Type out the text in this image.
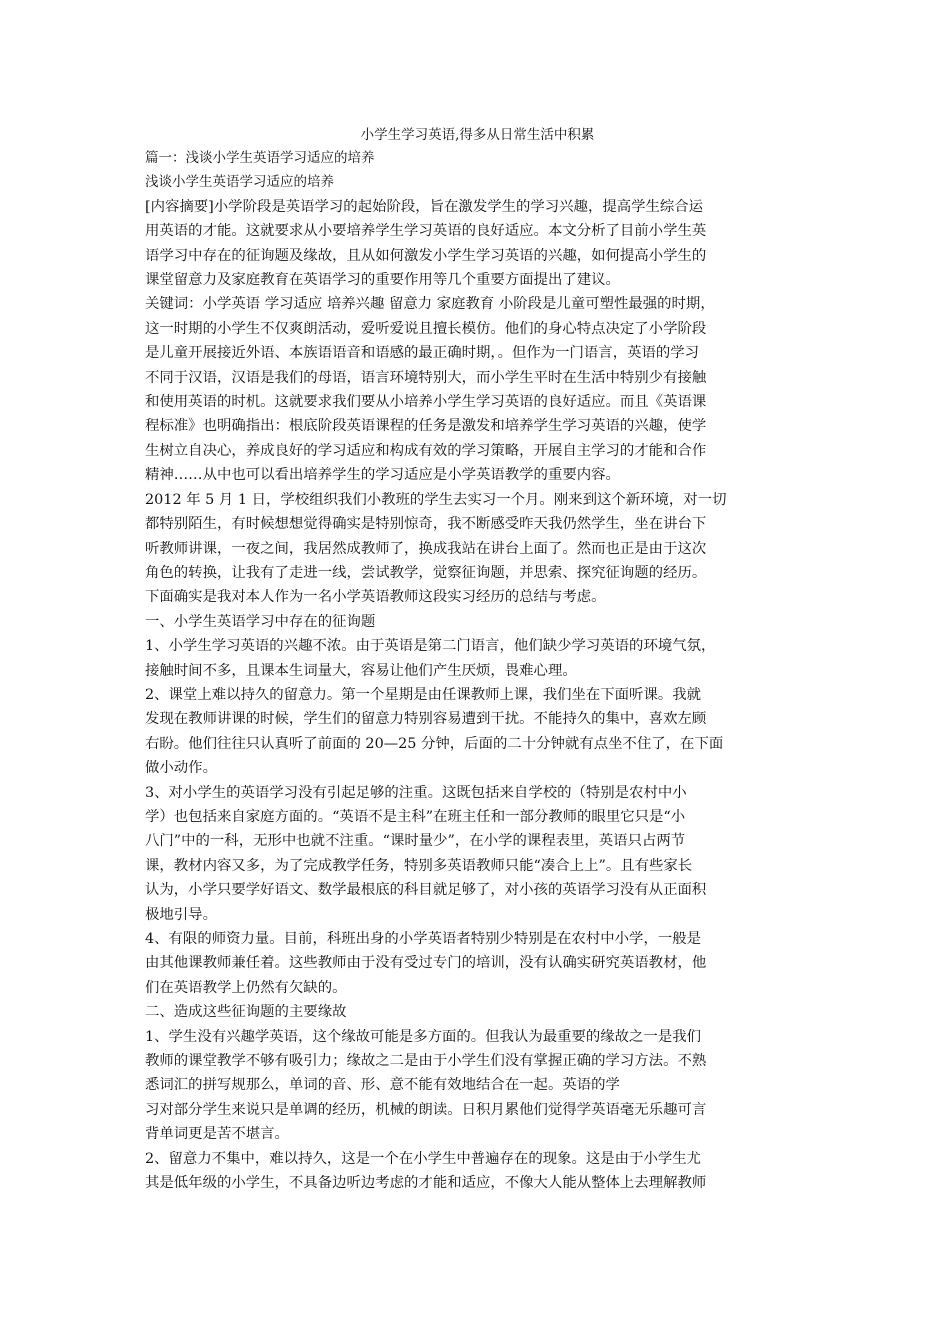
小学生学习英语,得多从日常生活中积累

篇一：浅谈小学生英语学习适应的培养

浅谈小学生英语学习适应的培养

[内容摘要]小学阶段是英语学习的起始阶段，旨在激发学生的学习兴趣，提高学生综合运

用英语的才能。这就要求从小要培养学生学习英语的良好适应。本文分析了目前小学生英

语学习中存在的征询题及缘故，且从如何激发小学生学习英语的兴趣，如何提高小学生的

课堂留意力及家庭教育在英语学习的重要作用等几个重要方面提出了建议。

关键词：小学英语 学习适应 培养兴趣 留意力 家庭教育 小阶段是儿童可塑性最强的时期，

这一时期的小学生不仅爽朗活动，爱听爱说且擅长模仿。他们的身心特点决定了小学阶段

是儿童开展接近外语、本族语语音和语感的最正确时期，。但作为一门语言，英语的学习

不同于汉语，汉语是我们的母语，语言环境特别大，而小学生平时在生活中特别少有接触

和使用英语的时机。这就要求我们要从小培养小学生学习英语的良好适应。而且《英语课

程标准》也明确指出：根底阶段英语课程的任务是激发和培养学生学习英语的兴趣，使学

生树立自决心，养成良好的学习适应和构成有效的学习策略，开展自主学习的才能和合作

精神……从中也可以看出培养学生的学习适应是小学英语教学的重要内容。

2012 年 5 月 1 日，学校组织我们小教班的学生去实习一个月。刚来到这个新环境，对一切

都特别陌生，有时候想想觉得确实是特别惊奇，我不断感受昨天我仍然学生，坐在讲台下

听教师讲课，一夜之间，我居然成教师了，换成我站在讲台上面了。然而也正是由于这次

角色的转换，让我有了走进一线，尝试教学，觉察征询题，并思索、探究征询题的经历。

下面确实是我对本人作为一名小学英语教师这段实习经历的总结与考虑。

一、小学生英语学习中存在的征询题

1、小学生学习英语的兴趣不浓。由于英语是第二门语言，他们缺少学习英语的环境气氛，

接触时间不多，且课本生词量大，容易让他们产生厌烦，畏难心理。

2、课堂上难以持久的留意力。第一个星期是由任课教师上课，我们坐在下面听课。我就

发现在教师讲课的时候，学生们的留意力特别容易遭到干扰。不能持久的集中，喜欢左顾

右盼。他们往往只认真听了前面的 20—25 分钟，后面的二十分钟就有点坐不住了，在下面

做小动作。

3、对小学生的英语学习没有引起足够的注重。这既包括来自学校的（特别是农村中小

学）也包括来自家庭方面的。“英语不是主科”在班主任和一部分教师的眼里它只是“小

八门”中的一科，无形中也就不注重。“课时量少”，在小学的课程表里，英语只占两节

课，教材内容又多，为了完成教学任务，特别多英语教师只能“凑合上上”。且有些家长

认为，小学只要学好语文、数学最根底的科目就足够了，对小孩的英语学习没有从正面积

极地引导。

4、有限的师资力量。目前，科班出身的小学英语者特别少特别是在农村中小学，一般是

由其他课教师兼任着。这些教师由于没有受过专门的培训，没有认确实研究英语教材，他

们在英语教学上仍然有欠缺的。

二、造成这些征询题的主要缘故

1、学生没有兴趣学英语，这个缘故可能是多方面的。但我认为最重要的缘故之一是我们

教师的课堂教学不够有吸引力；缘故之二是由于小学生们没有掌握正确的学习方法。不熟

悉词汇的拼写规那么，单词的音、形、意不能有效地结合在一起。英语的学

习对部分学生来说只是单调的经历，机械的朗读。日积月累他们觉得学英语毫无乐趣可言

背单词更是苦不堪言。

2、留意力不集中，难以持久，这是一个在小学生中普遍存在的现象。这是由于小学生尤

其是低年级的小学生，不具备边听边考虑的才能和适应，不像大人能从整体上去理解教师
